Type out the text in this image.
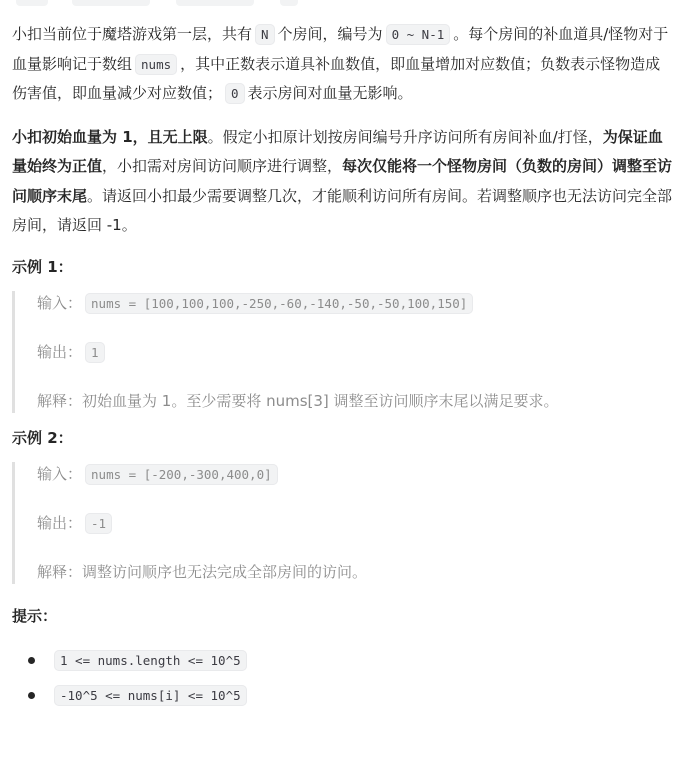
小扣当前位于魔塔游戏第一层，共有 N 个房间，编号为 0 ~ N-1 。每个房间的补血道具/怪物对于血量影响记于数组 nums ，其中正数表示道具补血数值，即血量增加对应数值；负数表示怪物造成伤害值，即血量减少对应数值； 0 表示房间对血量无影响。

小扣初始血量为 1，且无上限。假定小扣原计划按房间编号升序访问所有房间补血/打怪，为保证血量始终为正值，小扣需对房间访问顺序进行调整，每次仅能将一个怪物房间（负数的房间）调整至访问顺序末尾。请返回小扣最少需要调整几次，才能顺利访问所有房间。若调整顺序也无法访问完全部房间，请返回 -1。

示例 1：
输入： nums = [100,100,100,-250,-60,-140,-50,-50,100,150]
输出： 1
解释：初始血量为 1。至少需要将 nums[3] 调整至访问顺序末尾以满足要求。
示例 2：
输入： nums = [-200,-300,400,0]
输出： -1
解释：调整访问顺序也无法完成全部房间的访问。
提示：
1 <= nums.length <= 10^5
-10^5 <= nums[i] <= 10^5
